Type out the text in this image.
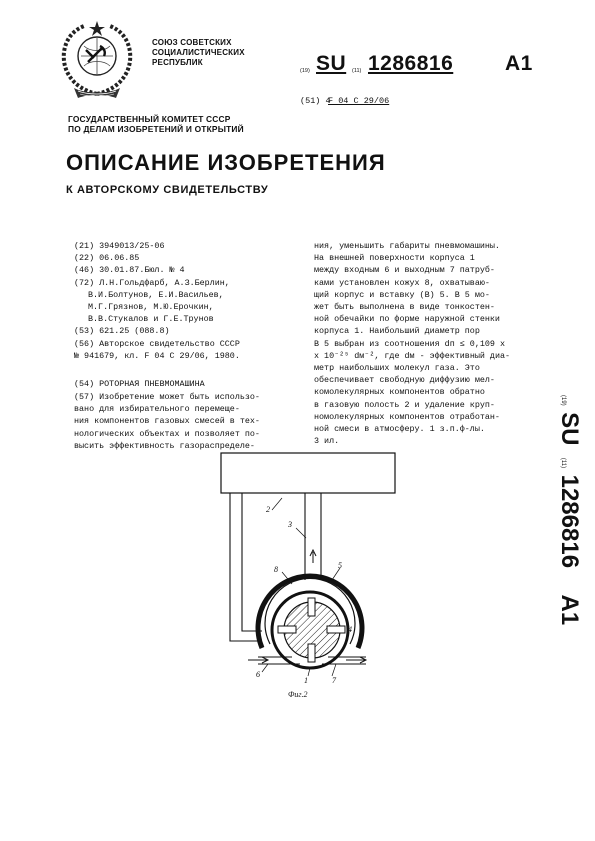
СОЮЗ СОВЕТСКИХ
СОЦИАЛИСТИЧЕСКИХ
РЕСПУБЛИК
(19) SU (11) 1286816 A1
(51) 4
F 04 C 29/06
ГОСУДАРСТВЕННЫЙ КОМИТЕТ СССР
ПО ДЕЛАМ ИЗОБРЕТЕНИЙ И ОТКРЫТИЙ
ОПИСАНИЕ ИЗОБРЕТЕНИЯ
К АВТОРСКОМУ СВИДЕТЕЛЬСТВУ
(21) 3949013/25-06
(22) 06.06.85
(46) 30.01.87.Бюл. № 4
(72) Л.Н.Гольдфарб, А.З.Берлин,
В.И.Болтунов, Е.И.Васильев,
М.Г.Грязнов, М.Ю.Ерочкин,
В.В.Стукалов и Г.Е.Трунов
(53) 621.25 (088.8)
(56) Авторское свидетельство СССР
№ 941679, кл. F 04 C 29/06, 1980.
(54) РОТОРНАЯ ПНЕВМОМАШИНА
(57) Изобретение может быть использо-
вано для избирательного перемеще-
ния компонентов газовых смесей в тех-
нологических объектах и позволяет по-
высить эффективность газораспределе-
ния, уменьшить габариты пневмомашины.
На внешней поверхности корпуса 1
между входным 6 и выходным 7 патруб-
ками установлен кожух 8, охватываю-
щий корпус и вставку (В) 5. В 5 мо-
жет быть выполнена в виде тонкостен-
ной обечайки по форме наружной стенки
корпуса 1. Наибольший диаметр пор
В 5 выбран из соотношения dп ≤ 0,109 х
х 10⁻²⁵ dм⁻², где dм - эффективный диа-
метр наибольших молекул газа. Это
обеспечивает свободную диффузию мел-
комолекулярных компонентов обратно
в газовую полость 2 и удаление круп-
номолекулярных компонентов отработан-
ной смеси в атмосферу. 1 з.п.ф-лы.
3 ил.
(19) SU (11) 1286816 A1
2
3
8	5
6
1	7
4
Фиг.2
